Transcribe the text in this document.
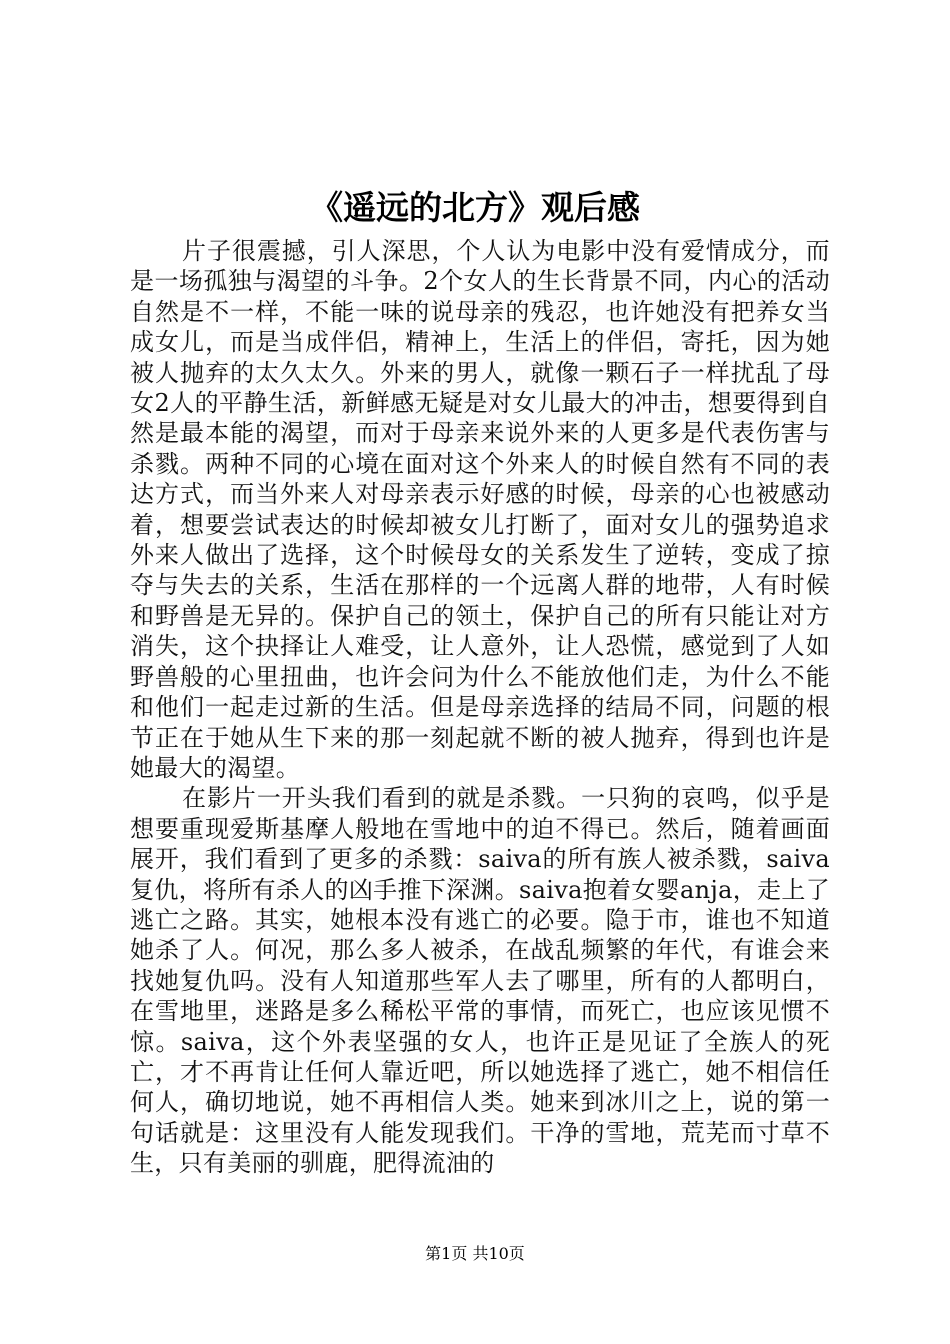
《遥远的北方》观后感

片子很震撼，引人深思，个人认为电影中没有爱情成分，而是一场孤独与渴望的斗争。2个女人的生长背景不同，内心的活动自然是不一样，不能一味的说母亲的残忍，也许她没有把养女当成女儿，而是当成伴侣，精神上，生活上的伴侣，寄托，因为她被人抛弃的太久太久。外来的男人，就像一颗石子一样扰乱了母女2人的平静生活，新鲜感无疑是对女儿最大的冲击，想要得到自然是最本能的渴望，而对于母亲来说外来的人更多是代表伤害与杀戮。两种不同的心境在面对这个外来人的时候自然有不同的表达方式，而当外来人对母亲表示好感的时候，母亲的心也被感动着，想要尝试表达的时候却被女儿打断了，面对女儿的强势追求外来人做出了选择，这个时候母女的关系发生了逆转，变成了掠夺与失去的关系，生活在那样的一个远离人群的地带，人有时候和野兽是无异的。保护自己的领土，保护自己的所有只能让对方消失，这个抉择让人难受，让人意外，让人恐慌，感觉到了人如野兽般的心里扭曲，也许会问为什么不能放他们走，为什么不能和他们一起走过新的生活。但是母亲选择的结局不同，问题的根节正在于她从生下来的那一刻起就不断的被人抛弃，得到也许是她最大的渴望。

在影片一开头我们看到的就是杀戮。一只狗的哀鸣，似乎是想要重现爱斯基摩人般地在雪地中的迫不得已。然后，随着画面展开，我们看到了更多的杀戮：saiva的所有族人被杀戮，saiva复仇，将所有杀人的凶手推下深渊。saiva抱着女婴anja，走上了逃亡之路。其实，她根本没有逃亡的必要。隐于市，谁也不知道她杀了人。何况，那么多人被杀，在战乱频繁的年代，有谁会来找她复仇吗。没有人知道那些军人去了哪里，所有的人都明白，在雪地里，迷路是多么稀松平常的事情，而死亡，也应该见惯不惊。saiva，这个外表坚强的女人，也许正是见证了全族人的死亡，才不再肯让任何人靠近吧，所以她选择了逃亡，她不相信任何人，确切地说，她不再相信人类。她来到冰川之上，说的第一句话就是：这里没有人能发现我们。干净的雪地，荒芜而寸草不生，只有美丽的驯鹿，肥得流油的

第1页 共10页
